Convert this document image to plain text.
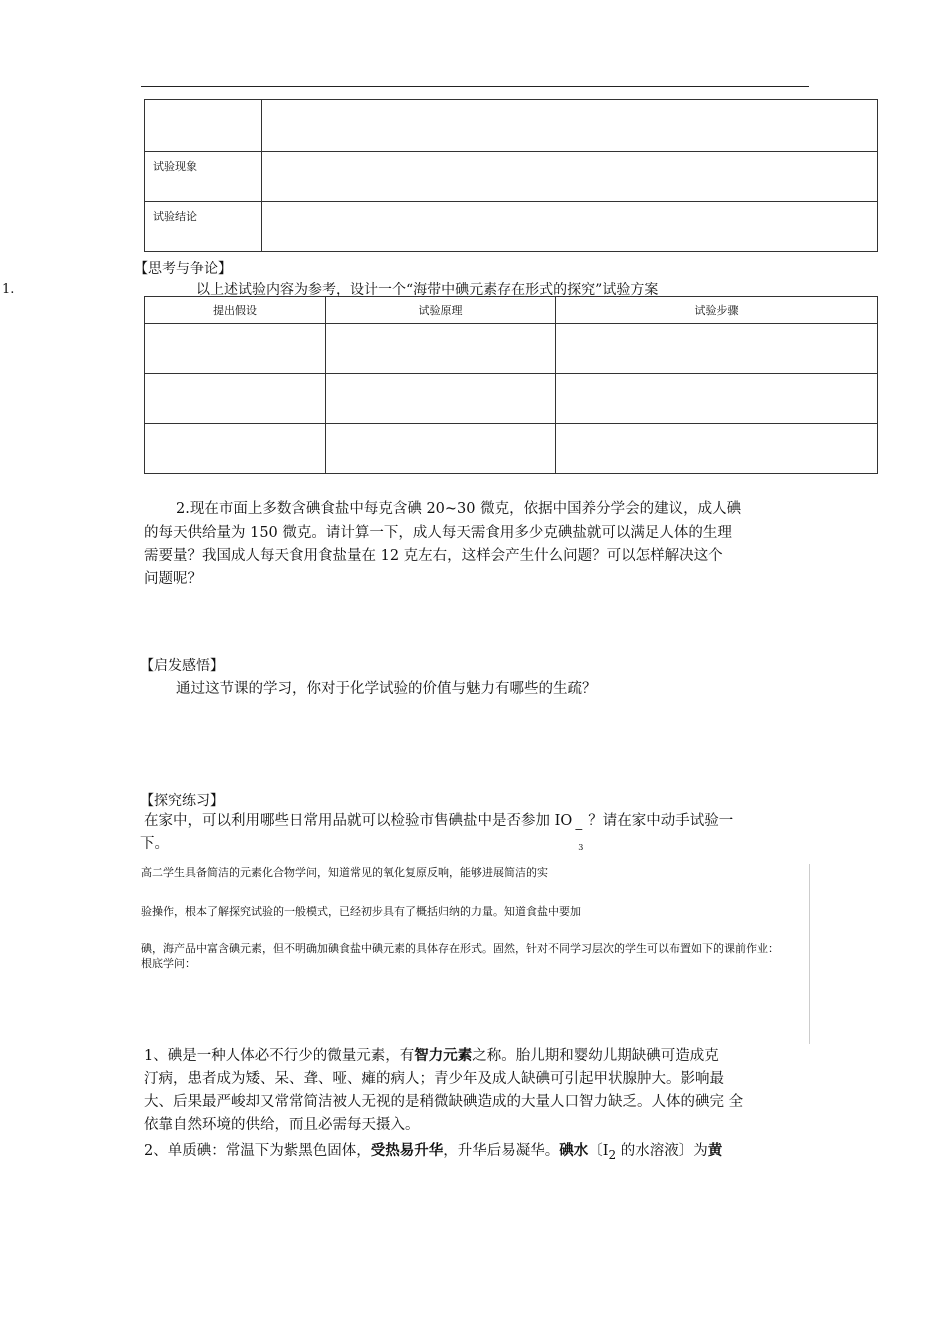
试验现象	
试验结论	
【思考与争论】
1.	以上述试验内容为参考，设计一个“海带中碘元素存在形式的探究”试验方案
提出假设	试验原理	试验步骤

2.现在市面上多数含碘食盐中每克含碘 20~30 微克，依据中国养分学会的建议，成人碘
的每天供给量为 150 微克。请计算一下，成人每天需食用多少克碘盐就可以满足人体的生理
需要量？我国成人每天食用食盐量在 12 克左右，这样会产生什么问题？可以怎样解决这个
问题呢？
【启发感悟】
通过这节课的学习，你对于化学试验的价值与魅力有哪些的生疏？
【探究练习】
在家中，可以利用哪些日常用品就可以检验市售碘盐中是否参加 IO
−
3
？请在家中动手试验一
下。
高二学生具备简洁的元素化合物学问，知道常见的氧化复原反响，能够进展简洁的实
验操作，根本了解探究试验的一般模式，已经初步具有了概括归纳的力量。知道食盐中要加
碘，海产品中富含碘元素，但不明确加碘食盐中碘元素的具体存在形式。固然，针对不同学习层次的学生可以布置如下的课前作业：
根底学问：
1、碘是一种人体必不行少的微量元素，有智力元素之称。胎儿期和婴幼儿期缺碘可造成克
汀病，患者成为矮、呆、聋、哑、瘫的病人；青少年及成人缺碘可引起甲状腺肿大。影响最
大、后果最严峻却又常常简洁被人无视的是稍微缺碘造成的大量人口智力缺乏。人体的碘完 全
依靠自然环境的供给，而且必需每天摄入。
2、单质碘：常温下为紫黑色固体，受热易升华，升华后易凝华。碘水〔$I_2$ 的水溶液〕为黄
